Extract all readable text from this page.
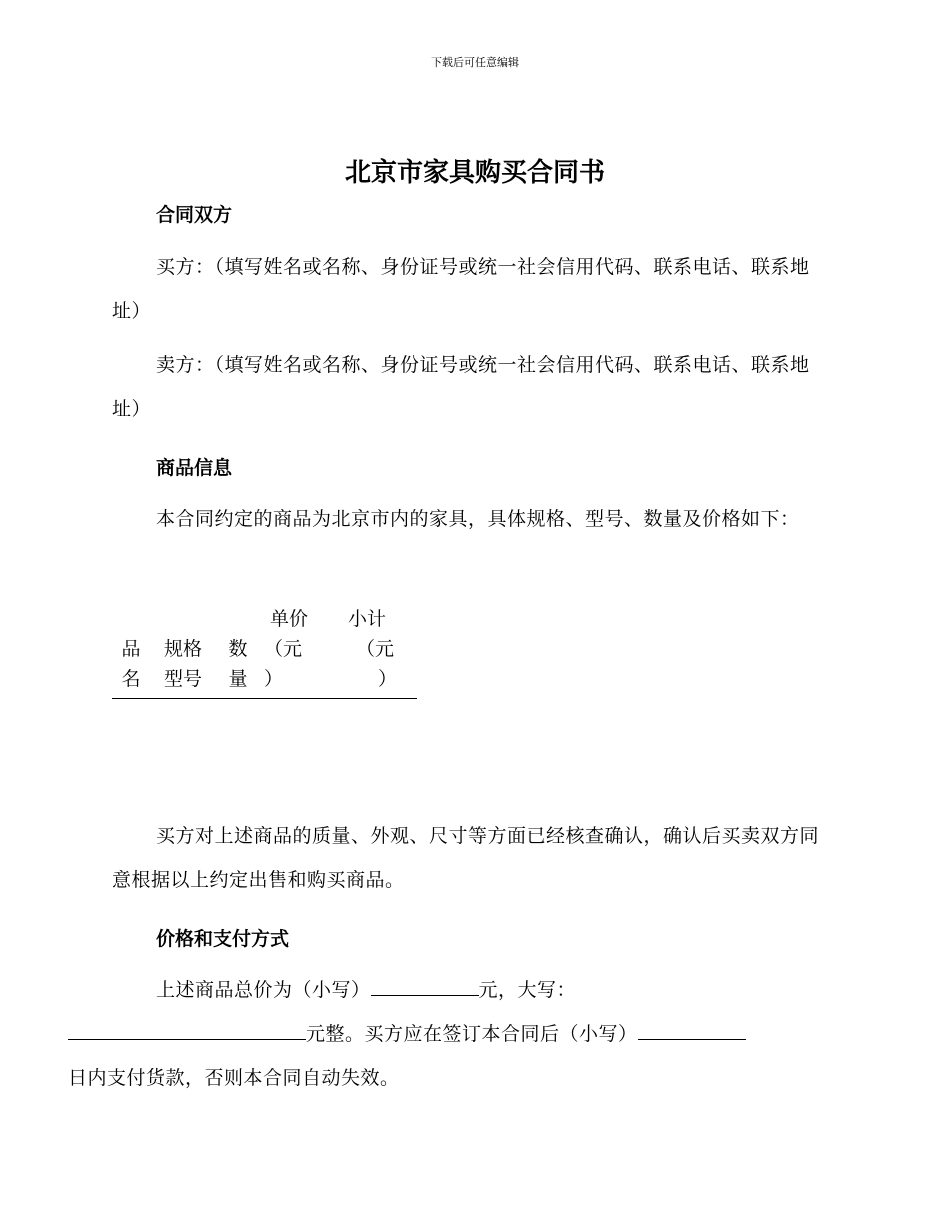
下载后可任意编辑
北京市家具购买合同书
合同双方
买方：（填写姓名或名称、身份证号或统一社会信用代码、联系电话、联系地址）
卖方：（填写姓名或名称、身份证号或统一社会信用代码、联系电话、联系地址）
商品信息
本合同约定的商品为北京市内的家具，具体规格、型号、数量及价格如下：
品
名
规格
型号
数
量
单价
（元
）
小计
（元
）
买方对上述商品的质量、外观、尺寸等方面已经核查确认，确认后买卖双方同意根据以上约定出售和购买商品。
价格和支付方式
上述商品总价为（小写）	元，大写：
元整。买方应在签订本合同后（小写）
日内支付货款，否则本合同自动失效。
